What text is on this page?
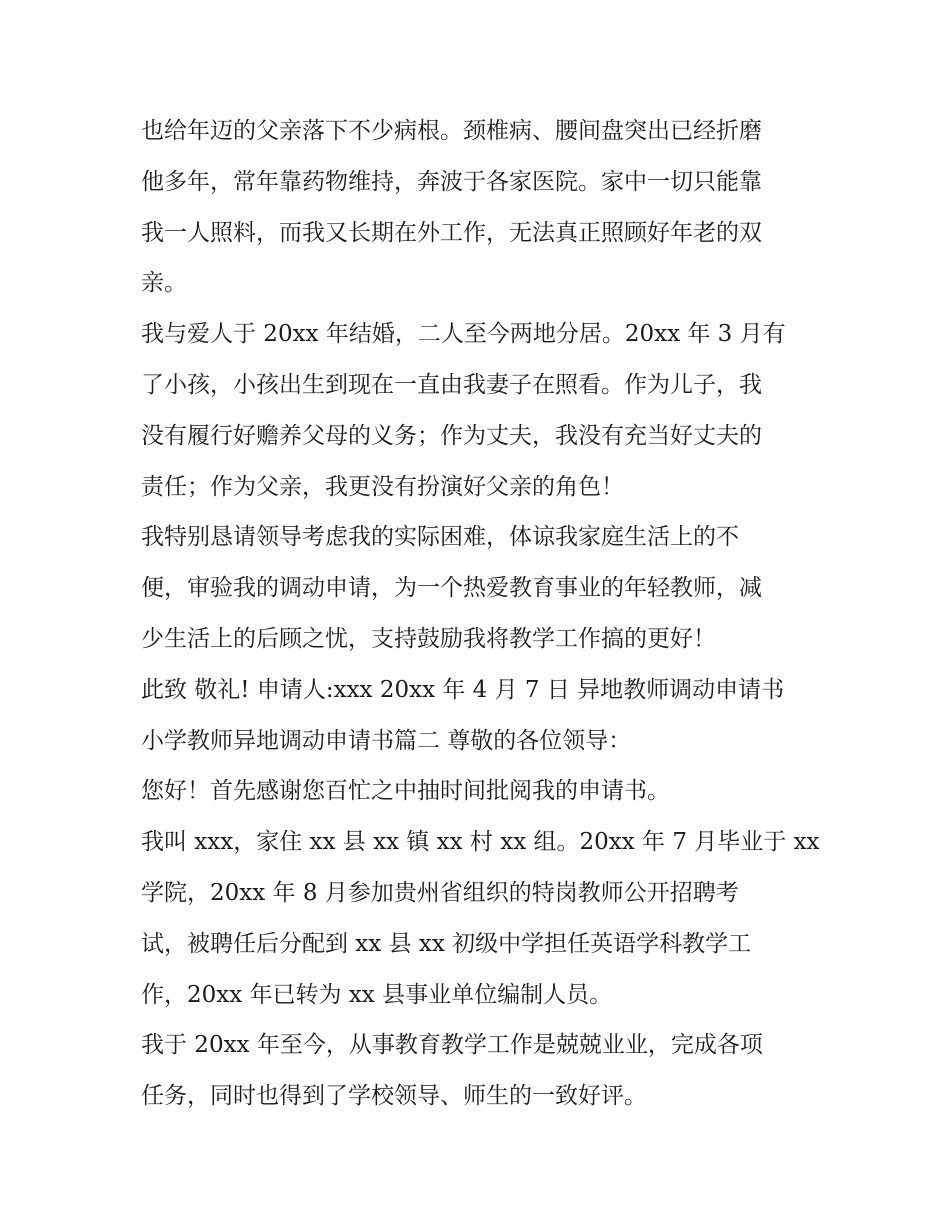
也给年迈的父亲落下不少病根。颈椎病、腰间盘突出已经折磨
他多年，常年靠药物维持，奔波于各家医院。家中一切只能靠
我一人照料，而我又长期在外工作，无法真正照顾好年老的双
亲。
我与爱人于 20xx 年结婚，二人至今两地分居。20xx 年 3 月有
了小孩，小孩出生到现在一直由我妻子在照看。作为儿子，我
没有履行好赡养父母的义务；作为丈夫，我没有充当好丈夫的
责任；作为父亲，我更没有扮演好父亲的角色！
我特别恳请领导考虑我的实际困难，体谅我家庭生活上的不
便，审验我的调动申请，为一个热爱教育事业的年轻教师，减
少生活上的后顾之忧，支持鼓励我将教学工作搞的更好！
此致 敬礼! 申请人:xxx 20xx 年 4 月 7 日 异地教师调动申请书
小学教师异地调动申请书篇二 尊敬的各位领导：
您好！首先感谢您百忙之中抽时间批阅我的申请书。
我叫 xxx，家住 xx 县 xx 镇 xx 村 xx 组。20xx 年 7 月毕业于 xx
学院，20xx 年 8 月参加贵州省组织的特岗教师公开招聘考
试，被聘任后分配到 xx 县 xx 初级中学担任英语学科教学工
作，20xx 年已转为 xx 县事业单位编制人员。
我于 20xx 年至今，从事教育教学工作是兢兢业业，完成各项
任务，同时也得到了学校领导、师生的一致好评。
